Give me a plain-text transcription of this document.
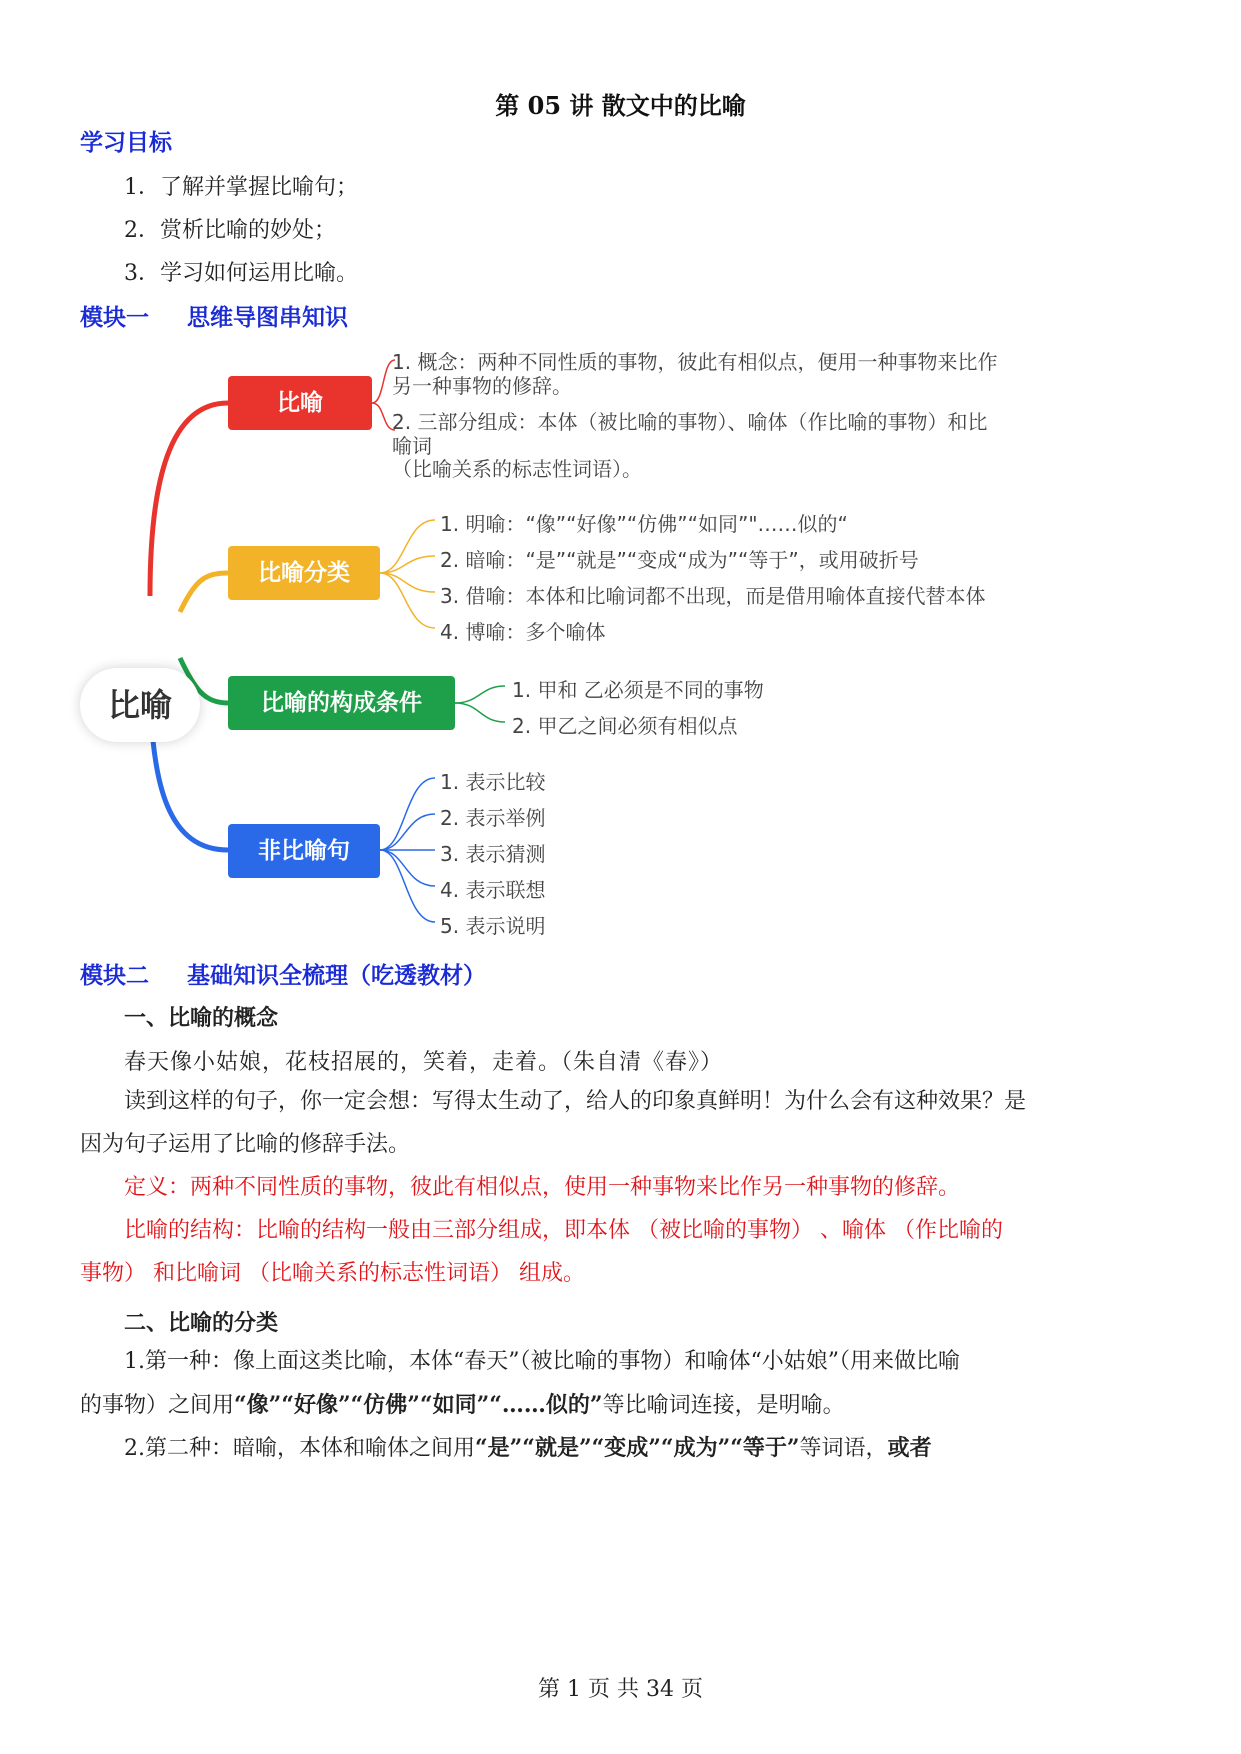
第 05 讲 散文中的比喻
学习目标
1．了解并掌握比喻句；
2．赏析比喻的妙处；
3．学习如何运用比喻。
模块一 思维导图串知识
比喻
比喻
比喻分类
比喻的构成条件
非比喻句
1. 概念：两种不同性质的事物，彼此有相似点，便用一种事物来比作
另一种事物的修辞。
2. 三部分组成：本体（被比喻的事物）、喻体（作比喻的事物）和比
喻词
（比喻关系的标志性词语）。
1. 明喻：“像”“好像”“仿佛”“如同”"……似的“
2. 暗喻：“是”“就是”“变成“成为”“等于”，或用破折号
3. 借喻：本体和比喻词都不出现，而是借用喻体直接代替本体
4. 博喻：多个喻体
1. 甲和 乙必须是不同的事物
2. 甲乙之间必须有相似点
1. 表示比较
2. 表示举例
3. 表示猜测
4. 表示联想
5. 表示说明
模块二 基础知识全梳理（吃透教材）
一、比喻的概念
春天像小姑娘，花枝招展的，笑着，走着。（朱自清《春》）
读到这样的句子，你一定会想：写得太生动了，给人的印象真鲜明！为什么会有这种效果？是
因为句子运用了比喻的修辞手法。
定义：两种不同性质的事物，彼此有相似点，使用一种事物来比作另一种事物的修辞。
比喻的结构：比喻的结构一般由三部分组成，即本体 （被比喻的事物） 、喻体 （作比喻的
事物） 和比喻词 （比喻关系的标志性词语） 组成。
二、比喻的分类
1.第一种：像上面这类比喻，本体“春天”（被比喻的事物）和喻体“小姑娘”（用来做比喻
的事物）之间用“像”“好像”“仿佛”“如同”“……似的”等比喻词连接，是明喻。
2.第二种：暗喻，本体和喻体之间用“是”“就是”“变成”“成为”“等于”等词语，或者
第 1 页 共 34 页
